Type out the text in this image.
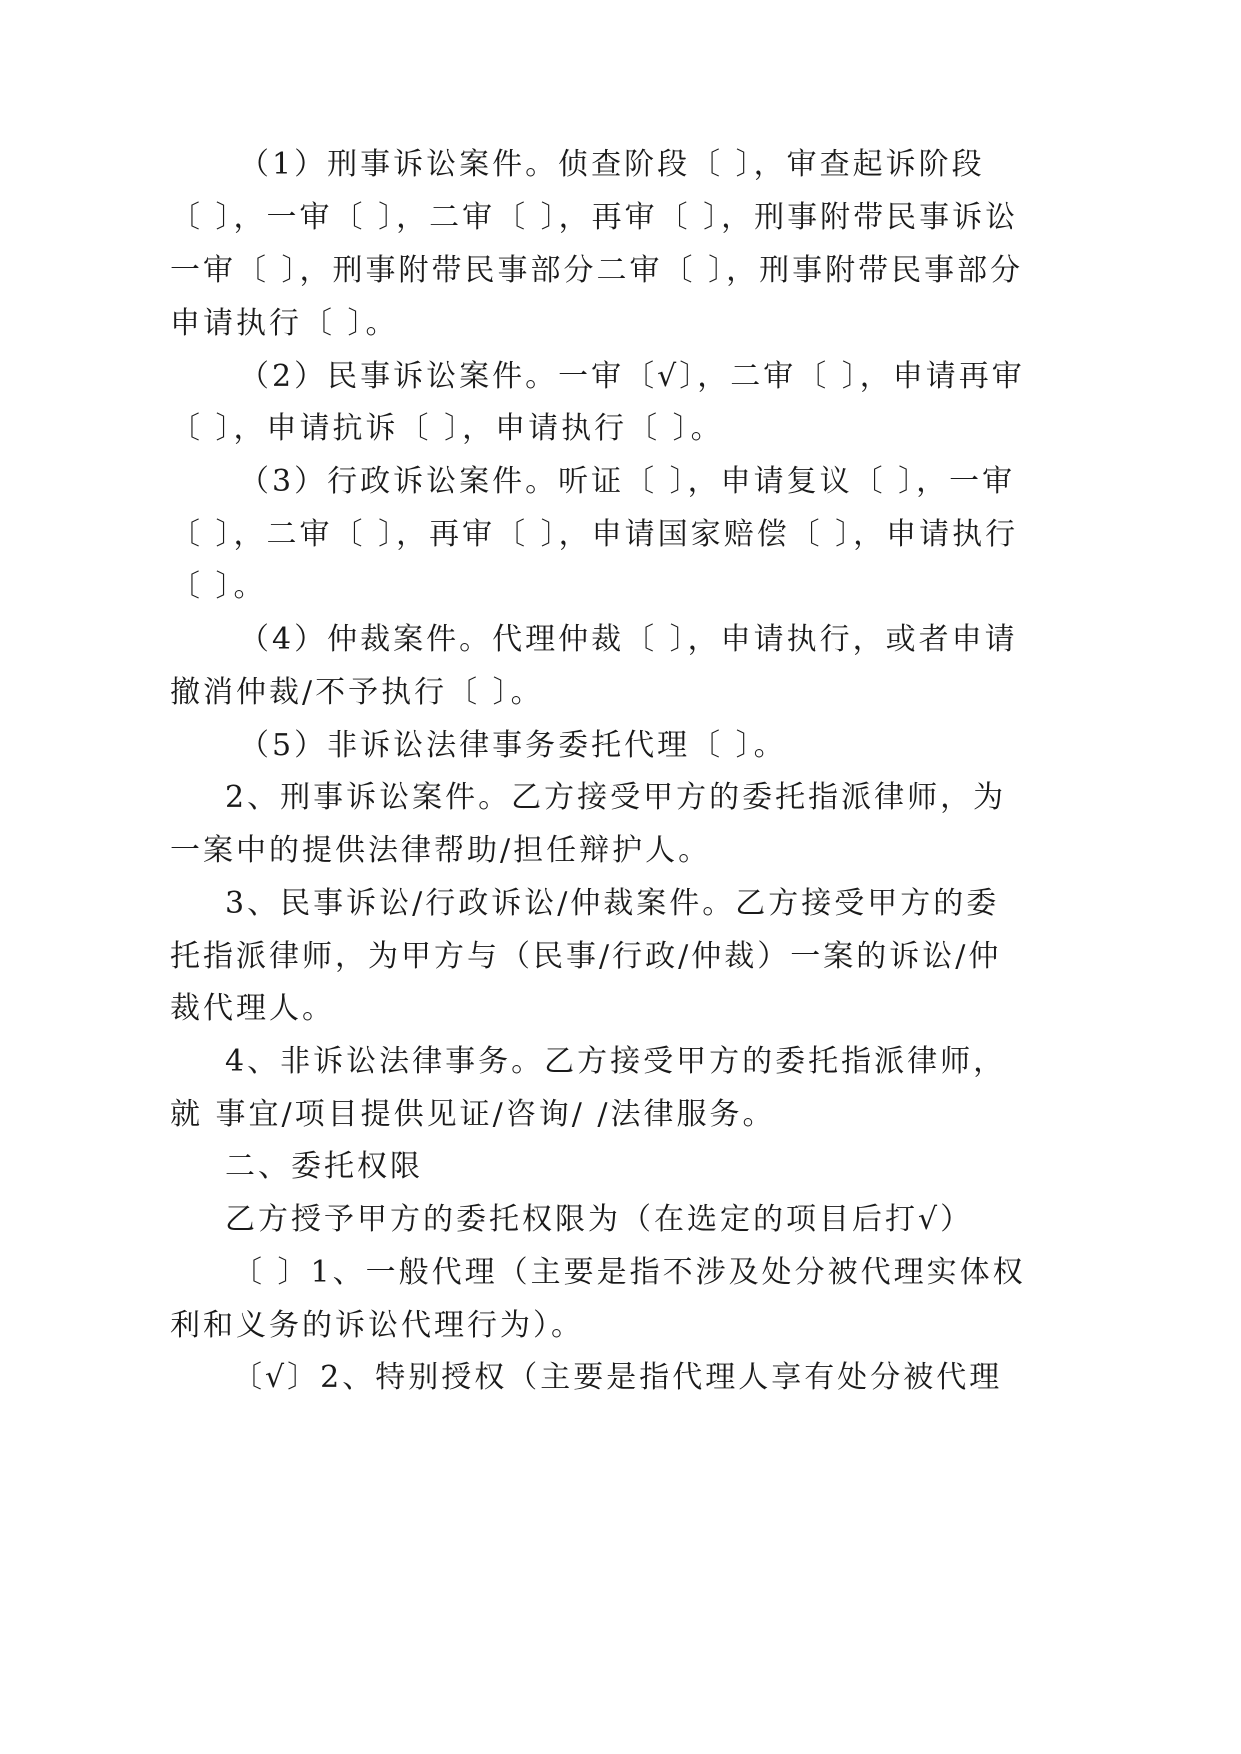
（1）刑事诉讼案件。侦查阶段〔 〕，审查起诉阶段
〔 〕，一审〔 〕，二审〔 〕，再审〔 〕，刑事附带民事诉讼
一审〔 〕，刑事附带民事部分二审〔 〕，刑事附带民事部分
申请执行〔 〕。
（2）民事诉讼案件。一审〔√〕，二审〔 〕，申请再审
〔 〕，申请抗诉〔 〕，申请执行〔 〕。
（3）行政诉讼案件。听证〔 〕，申请复议〔 〕，一审
〔 〕，二审〔 〕，再审〔 〕，申请国家赔偿〔 〕，申请执行
〔 〕。
（4）仲裁案件。代理仲裁〔 〕，申请执行，或者申请
撤消仲裁/不予执行〔 〕。
（5）非诉讼法律事务委托代理〔 〕。
2、刑事诉讼案件。乙方接受甲方的委托指派律师，为
一案中的提供法律帮助/担任辩护人。
3、民事诉讼/行政诉讼/仲裁案件。乙方接受甲方的委
托指派律师，为甲方与（民事/行政/仲裁）一案的诉讼/仲
裁代理人。
4、非诉讼法律事务。乙方接受甲方的委托指派律师，
就 事宜/项目提供见证/咨询/ /法律服务。
二、委托权限
乙方授予甲方的委托权限为（在选定的项目后打√）
〔 〕1、一般代理（主要是指不涉及处分被代理实体权
利和义务的诉讼代理行为）。
〔√〕2、特别授权（主要是指代理人享有处分被代理
